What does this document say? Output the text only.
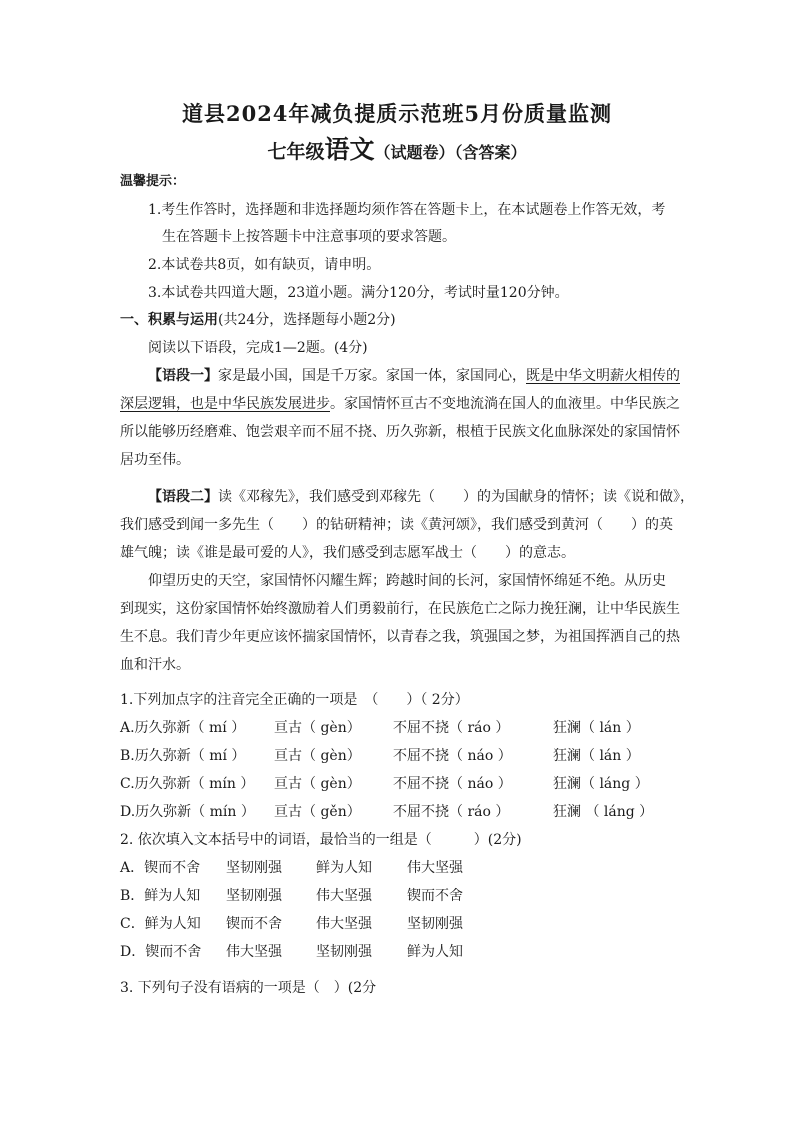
道县2024年减负提质示范班5月份质量监测
七年级语文（试题卷）（含答案）
温馨提示：
1.考生作答时，选择题和非选择题均须作答在答题卡上，在本试题卷上作答无效，考
生在答题卡上按答题卡中注意事项的要求答题。
2.本试卷共8页，如有缺页，请申明。
3.本试卷共四道大题，23道小题。满分120分，考试时量120分钟。
一、积累与运用(共24分，选择题每小题2分)
阅读以下语段，完成1—2题。(4分)
【语段一】家是最小国，国是千万家。家国一体，家国同心，既是中华文明薪火相传的
深层逻辑，也是中华民族发展进步。家国情怀亘古不变地流淌在国人的血液里。中华民族之
所以能够历经磨难、饱尝艰辛而不屈不挠、历久弥新，根植于民族文化血脉深处的家国情怀
居功至伟。
【语段二】读《邓稼先》，我们感受到邓稼先（　　）的为国献身的情怀；读《说和做》，
我们感受到闻一多先生（　　）的钻研精神；读《黄河颂》，我们感受到黄河（　　）的英
雄气魄；读《谁是最可爱的人》，我们感受到志愿军战士（　　）的意志。
仰望历史的天空，家国情怀闪耀生辉；跨越时间的长河，家国情怀绵延不绝。从历史
到现实，这份家国情怀始终激励着人们勇毅前行，在民族危亡之际力挽狂澜，让中华民族生
生不息。我们青少年更应该怀揣家国情怀，以青春之我，筑强国之梦，为祖国挥洒自己的热
血和汗水。
1.下列加点字的注音完全正确的一项是　（　　）（ 2分）
A.历久弥新（ mí ） 亘古（ gèn） 不屈不挠（ ráo ）	狂澜（ lán ）
B.历久弥新（ mí ） 亘古（ gèn） 不屈不挠（ náo ）	狂澜（ lán ）
C.历久弥新（ mín ） 亘古（ gèn） 不屈不挠（ náo ）	狂澜（ láng ）
D.历久弥新（ mín ） 亘古（ gěn） 不屈不挠（ ráo ）	狂澜 （ láng ）
2. 依次填入文本括号中的词语，最恰当的一组是（　　　）(2分)
A．锲而不舍 坚韧刚强 鲜为人知	伟大坚强
B．鲜为人知 坚韧刚强 伟大坚强	锲而不舍
C．鲜为人知 锲而不舍 伟大坚强	坚韧刚强
D．锲而不舍 伟大坚强 坚韧刚强	鲜为人知
3. 下列句子没有语病的一项是（　）(2分
